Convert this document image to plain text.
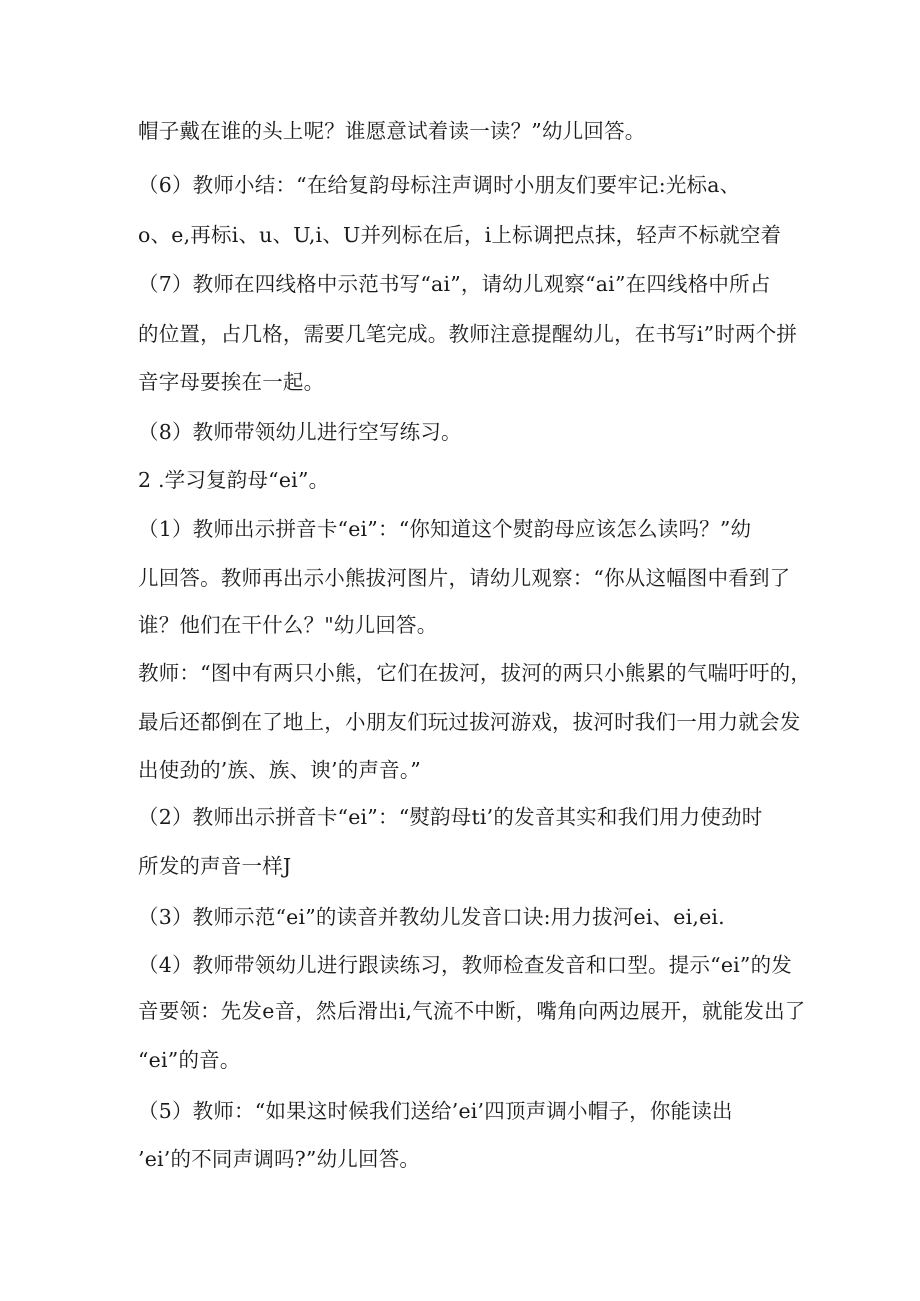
帽子戴在谁的头上呢？谁愿意试着读一读？”幼儿回答。
（6）教师小结：“在给复韵母标注声调时小朋友们要牢记:光标a、
o、e,再标i、u、U,i、U并列标在后，i上标调把点抹，轻声不标就空着
（7）教师在四线格中示范书写“ai”，请幼儿观察“ai”在四线格中所占
的位置，占几格，需要几笔完成。教师注意提醒幼儿，在书写i”时两个拼
音字母要挨在一起。
（8）教师带领幼儿进行空写练习。
2 .学习复韵母“ei”。
（1）教师出示拼音卡“ei”：“你知道这个熨韵母应该怎么读吗？”幼
儿回答。教师再出示小熊拔河图片，请幼儿观察：“你从这幅图中看到了
谁？他们在干什么？"幼儿回答。
教师：“图中有两只小熊，它们在拔河，拔河的两只小熊累的气喘吁吁的，
最后还都倒在了地上，小朋友们玩过拔河游戏，拔河时我们一用力就会发
出使劲的’族、族、谀’的声音。”
（2）教师出示拼音卡“ei”：“熨韵母ti’的发音其实和我们用力使劲时
所发的声音一样J
（3）教师示范“ei”的读音并教幼儿发音口诀:用力拔河ei、ei,ei.
（4）教师带领幼儿进行跟读练习，教师检查发音和口型。提示“ei”的发
音要领：先发e音，然后滑出i,气流不中断，嘴角向两边展开，就能发出了
“ei”的音。
（5）教师：“如果这时候我们送给’ei’四顶声调小帽子，你能读出
’ei’的不同声调吗?”幼儿回答。
